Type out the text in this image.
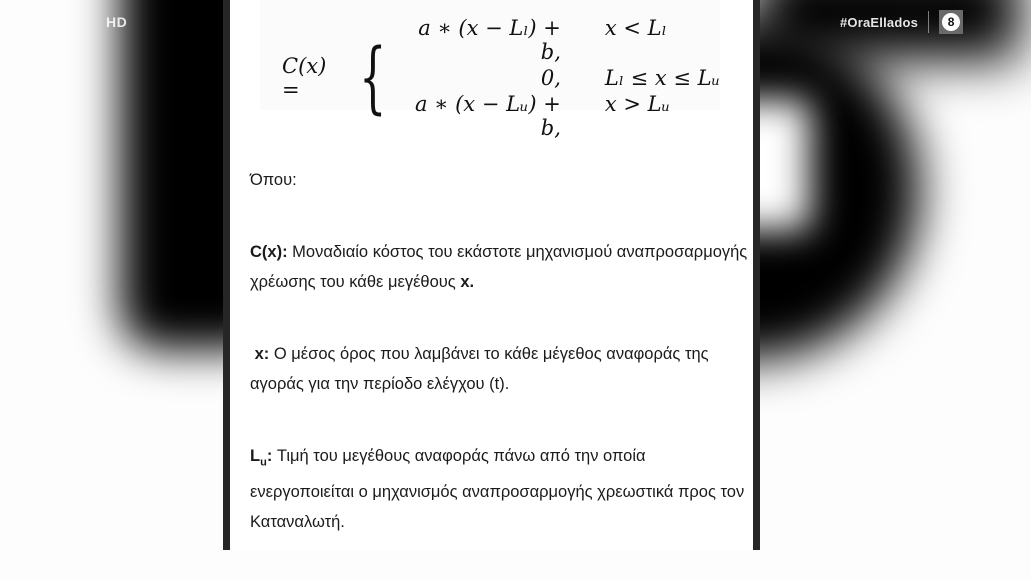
HD	#OraEllados	8
C(x) = {
a ∗ (x − Lₗ) + b,
x < Lₗ
0, Lₗ ≤ x ≤ Lᵤ
a ∗ (x − Lᵤ) + b,
x > Lᵤ

Όπου:

C(x): Μοναδιαίο κόστος του εκάστοτε μηχανισμού αναπροσαρμογής χρέωσης του κάθε μεγέθους x.

x: Ο μέσος όρος που λαμβάνει το κάθε μέγεθος αναφοράς της αγοράς για την περίοδο ελέγχου (t).

$L_u$: Τιμή του μεγέθους αναφοράς πάνω από την οποία ενεργοποιείται ο μηχανισμός αναπροσαρμογής χρεωστικά προς τον Καταναλωτή.
